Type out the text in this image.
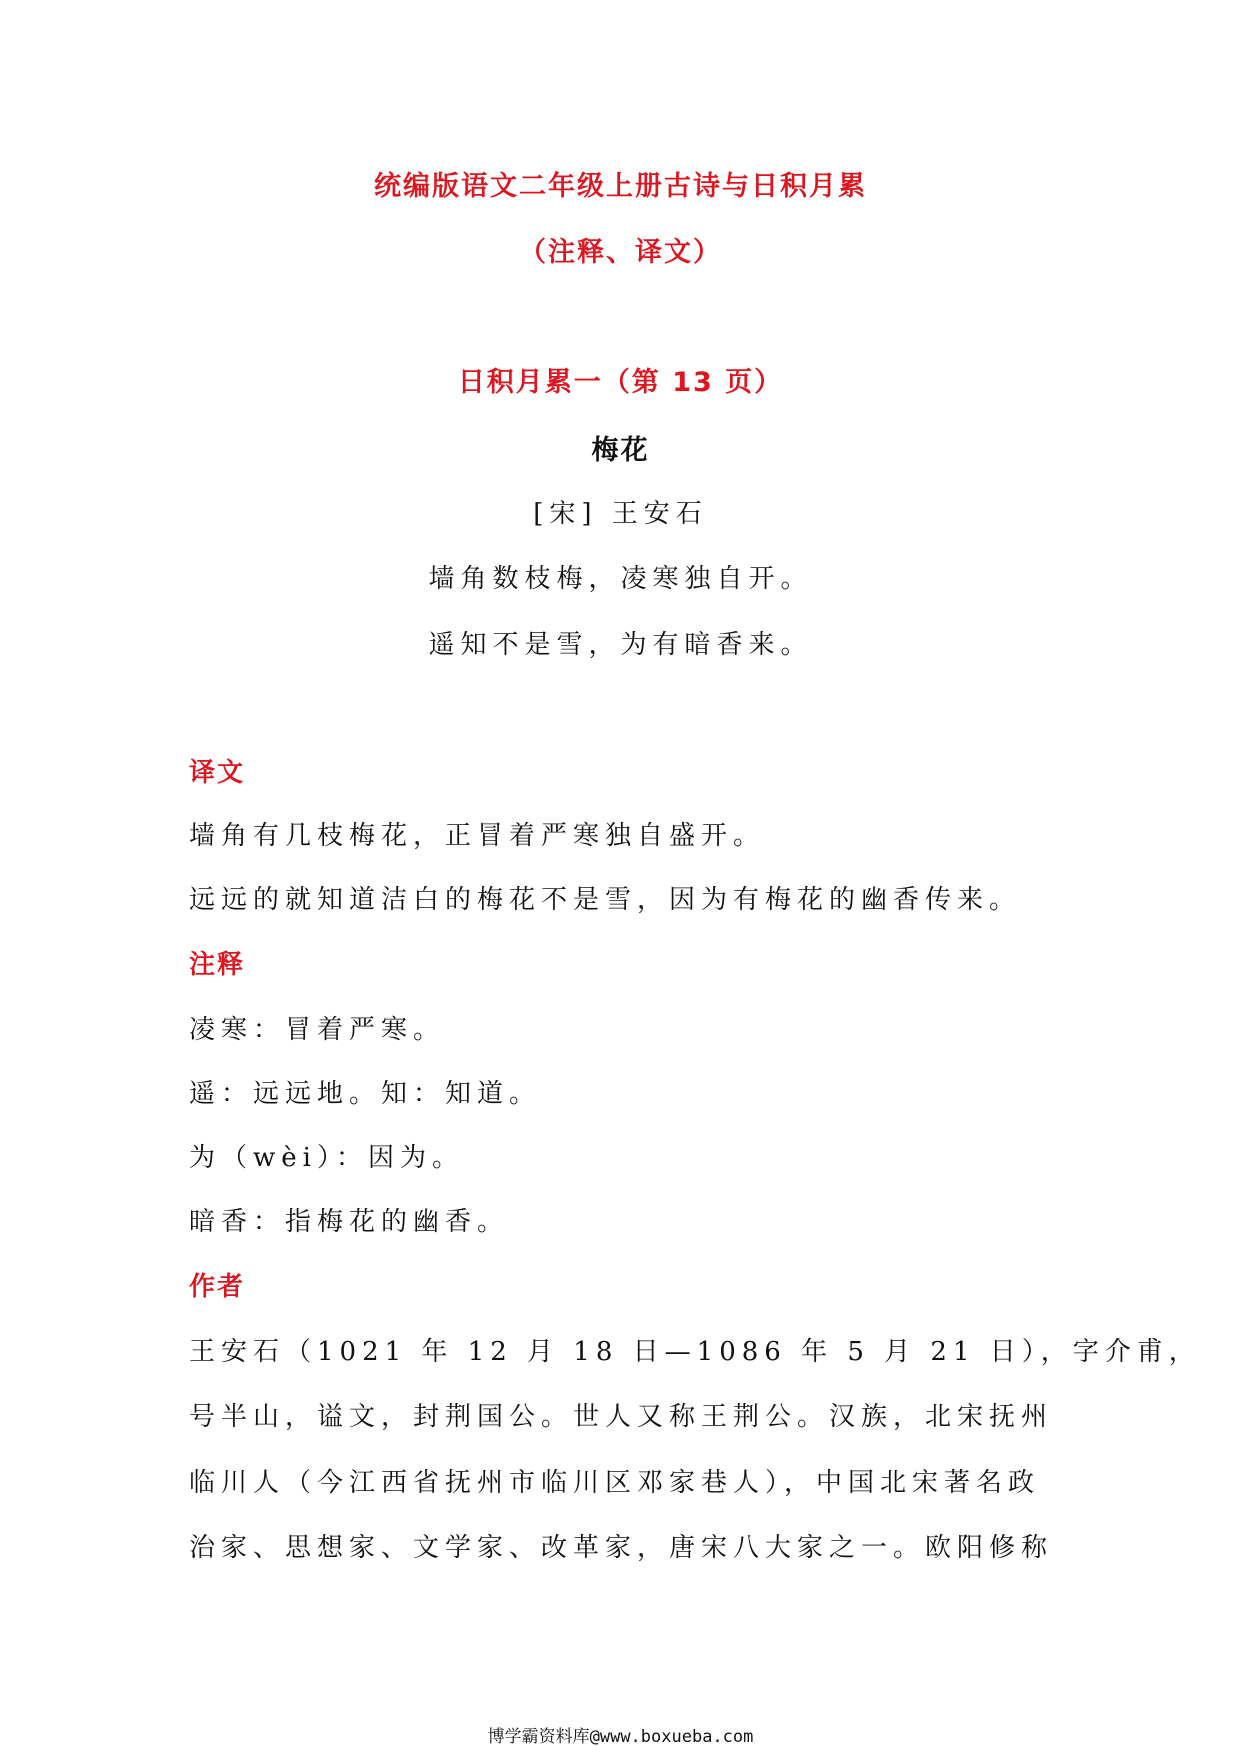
统编版语文二年级上册古诗与日积月累
（注释、译文）
日积月累一（第 13 页）
梅花
[宋] 王安石
墙角数枝梅，凌寒独自开。
遥知不是雪，为有暗香来。
译文
墙角有几枝梅花，正冒着严寒独自盛开。
远远的就知道洁白的梅花不是雪，因为有梅花的幽香传来。
注释
凌寒：冒着严寒。
遥：远远地。知：知道。
为（wèi）：因为。
暗香：指梅花的幽香。
作者
王安石（1021 年 12 月 18 日—1086 年 5 月 21 日），字介甫，
号半山，谥文，封荆国公。世人又称王荆公。汉族，北宋抚州
临川人（今江西省抚州市临川区邓家巷人），中国北宋著名政
治家、思想家、文学家、改革家，唐宋八大家之一。欧阳修称
博学霸资料库@www.boxueba.com
